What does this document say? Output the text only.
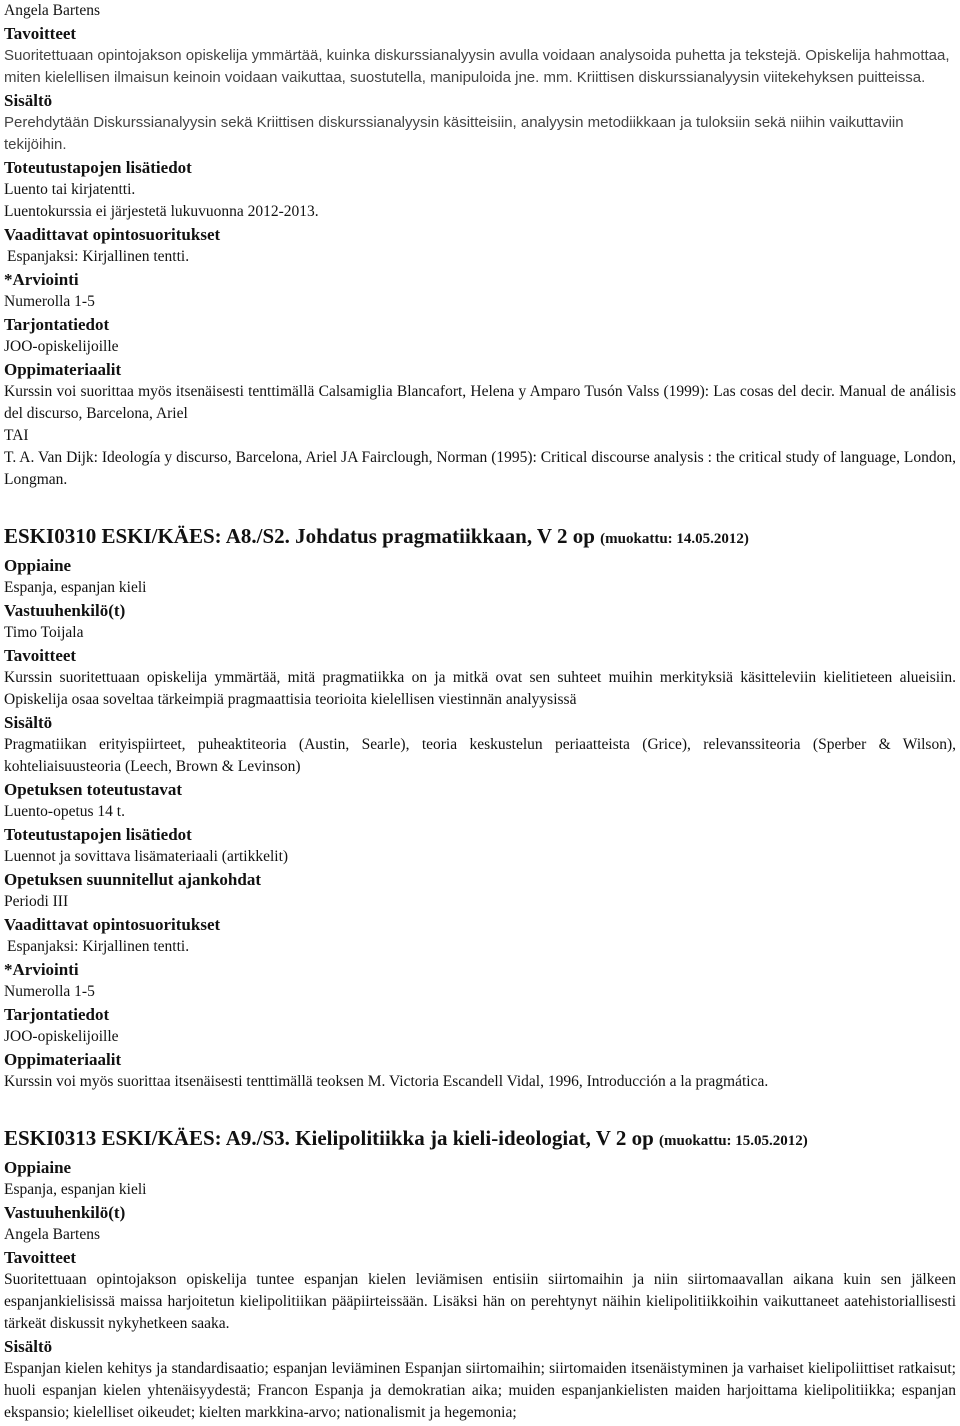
Angela Bartens
Tavoitteet
Suoritettuaan opintojakson opiskelija ymmärtää, kuinka diskurssianalyysin avulla voidaan analysoida puhetta ja tekstejä. Opiskelija hahmottaa, miten kielellisen ilmaisun keinoin voidaan vaikuttaa, suostutella, manipuloida jne. mm. Kriittisen diskurssianalyysin viitekehyksen puitteissa.
Sisältö
Perehdytään Diskurssianalyysin sekä Kriittisen diskurssianalyysin käsitteisiin, analyysin metodiikkaan ja tuloksiin sekä niihin vaikuttaviin tekijöihin.
Toteutustapojen lisätiedot
Luento tai kirjatentti.
Luentokurssia ei järjestetä lukuvuonna 2012-2013.
Vaadittavat opintosuoritukset
Espanjaksi: Kirjallinen tentti.
*Arviointi
Numerolla 1-5
Tarjontatiedot
JOO-opiskelijoille
Oppimateriaalit
Kurssin voi suorittaa myös itsenäisesti tenttimällä Calsamiglia Blancafort, Helena y Amparo Tusón Valss (1999): Las cosas del decir. Manual de análisis del discurso, Barcelona, Ariel
TAI
T. A. Van Dijk: Ideología y discurso, Barcelona, Ariel JA Fairclough, Norman (1995): Critical discourse analysis : the critical study of language, London, Longman.
ESKI0310 ESKI/KÄES: A8./S2. Johdatus pragmatiikkaan, V 2 op (muokattu: 14.05.2012)
Oppiaine
Espanja, espanjan kieli
Vastuuhenkilö(t)
Timo Toijala
Tavoitteet
Kurssin suoritettuaan opiskelija ymmärtää, mitä pragmatiikka on ja mitkä ovat sen suhteet muihin merkityksiä käsitteleviin kielitieteen alueisiin. Opiskelija osaa soveltaa tärkeimpiä pragmaattisia teorioita kielellisen viestinnän analyysissä
Sisältö
Pragmatiikan erityispiirteet, puheaktiteoria (Austin, Searle), teoria keskustelun periaatteista (Grice), relevanssiteoria (Sperber & Wilson), kohteliaisuusteoria (Leech, Brown & Levinson)
Opetuksen toteutustavat
Luento-opetus 14 t.
Toteutustapojen lisätiedot
Luennot ja sovittava lisämateriaali (artikkelit)
Opetuksen suunnitellut ajankohdat
Periodi III
Vaadittavat opintosuoritukset
Espanjaksi: Kirjallinen tentti.
*Arviointi
Numerolla 1-5
Tarjontatiedot
JOO-opiskelijoille
Oppimateriaalit
Kurssin voi myös suorittaa itsenäisesti tenttimällä teoksen M. Victoria Escandell Vidal, 1996, Introducción a la pragmática.
ESKI0313 ESKI/KÄES: A9./S3. Kielipolitiikka ja kieli-ideologiat, V 2 op (muokattu: 15.05.2012)
Oppiaine
Espanja, espanjan kieli
Vastuuhenkilö(t)
Angela Bartens
Tavoitteet
Suoritettuaan opintojakson opiskelija tuntee espanjan kielen leviämisen entisiin siirtomaihin ja niin siirtomaavallan aikana kuin sen jälkeen espanjankielisissä maissa harjoitetun kielipolitiikan pääpiirteissään. Lisäksi hän on perehtynyt näihin kielipolitiikkoihin vaikuttaneet aatehistoriallisesti tärkeät diskussit nykyhetkeen saaka.
Sisältö
Espanjan kielen kehitys ja standardisaatio; espanjan leviäminen Espanjan siirtomaihin; siirtomaiden itsenäistyminen ja varhaiset kielipoliittiset ratkaisut; huoli espanjan kielen yhtenäisyydestä; Francon Espanja ja demokratian aika; muiden espanjankielisten maiden harjoittama kielipolitiikka; espanjan ekspansio; kielelliset oikeudet; kielten markkina-arvo; nationalismit ja hegemonia;
